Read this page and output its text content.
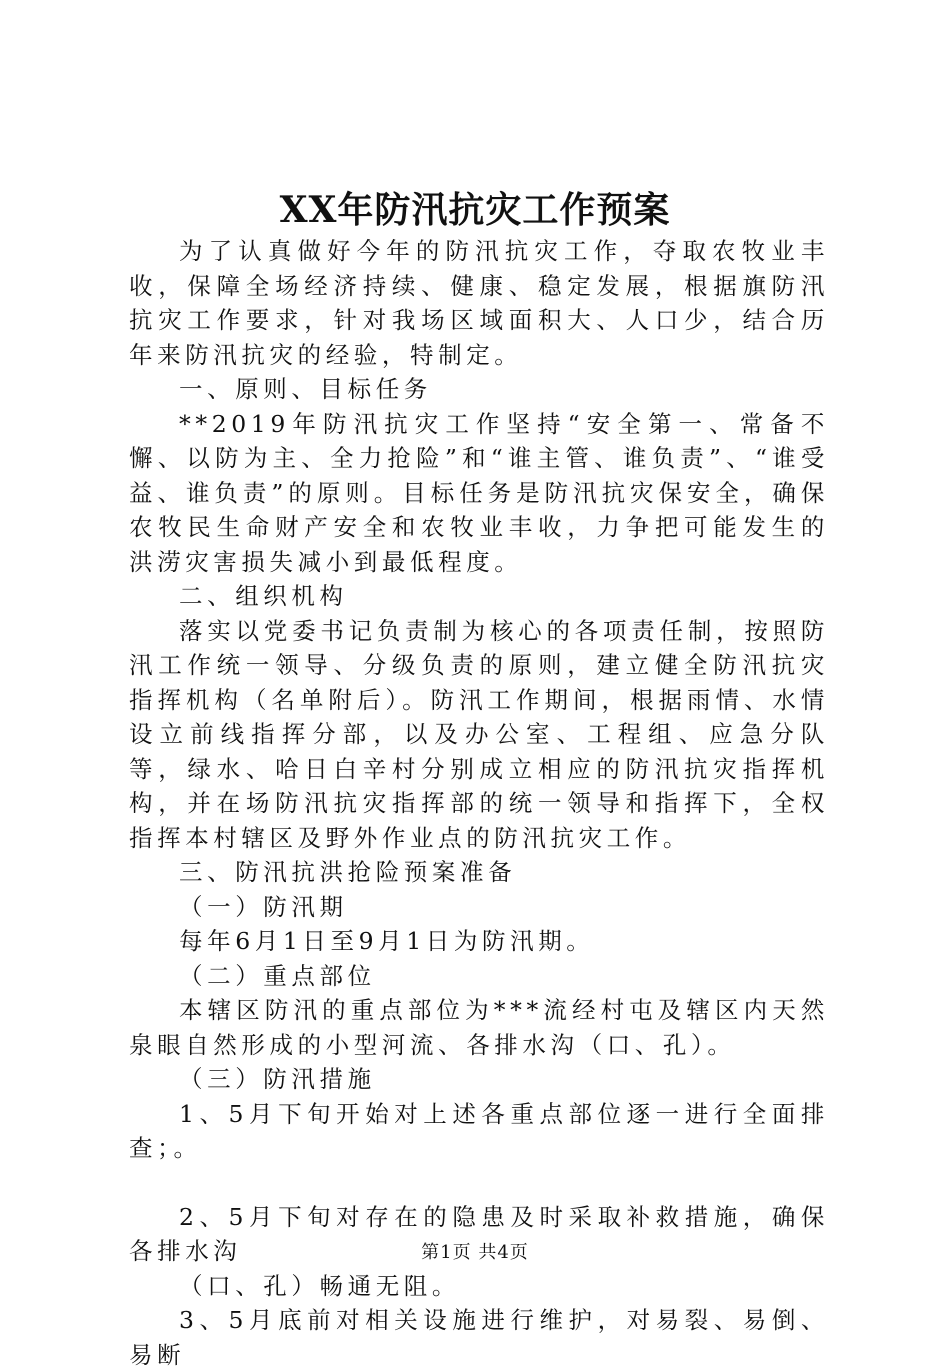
XX年防汛抗灾工作预案

为了认真做好今年的防汛抗灾工作，夺取农牧业丰收，保障全场经济持续、健康、稳定发展，根据旗防汛抗灾工作要求，针对我场区域面积大、人口少，结合历年来防汛抗灾的经验，特制定。

一、原则、目标任务

**2019年防汛抗灾工作坚持“安全第一、常备不懈、以防为主、全力抢险”和“谁主管、谁负责”、“谁受益、谁负责”的原则。目标任务是防汛抗灾保安全，确保农牧民生命财产安全和农牧业丰收，力争把可能发生的洪涝灾害损失减小到最低程度。

二、组织机构

落实以党委书记负责制为核心的各项责任制，按照防汛工作统一领导、分级负责的原则，建立健全防汛抗灾指挥机构（名单附后）。防汛工作期间，根据雨情、水情设立前线指挥分部，以及办公室、工程组、应急分队等，绿水、哈日白辛村分别成立相应的防汛抗灾指挥机构，并在场防汛抗灾指挥部的统一领导和指挥下，全权指挥本村辖区及野外作业点的防汛抗灾工作。

三、防汛抗洪抢险预案准备

（一）防汛期

每年6月1日至9月1日为防汛期。

（二）重点部位

本辖区防汛的重点部位为***流经村屯及辖区内天然泉眼自然形成的小型河流、各排水沟（口、孔）。

（三）防汛措施

1、5月下旬开始对上述各重点部位逐一进行全面排查；。

2、5月下旬对存在的隐患及时采取补救措施，确保各排水沟

（口、孔）畅通无阻。

3、5月底前对相关设施进行维护，对易裂、易倒、易断

第1页 共4页
